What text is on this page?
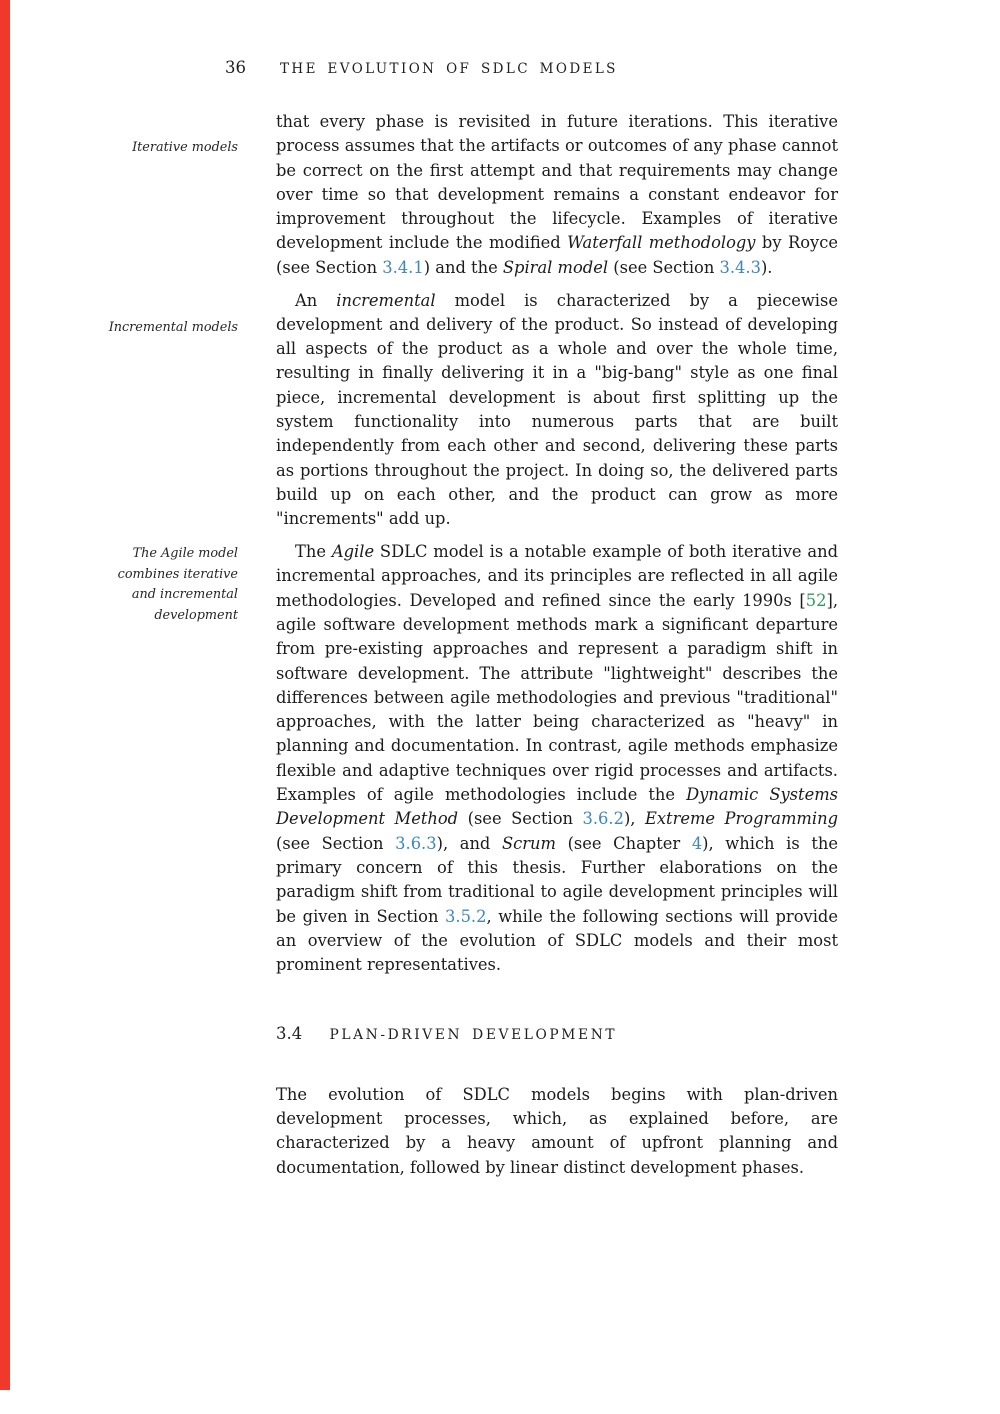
36	THE EVOLUTION OF SDLC MODELS
Iterative models
Incremental models
The Agile model combines iterative and incremental development

that every phase is revisited in future iterations. This iterative process assumes that the artifacts or outcomes of any phase cannot be correct on the first attempt and that requirements may change over time so that development remains a constant endeavor for improvement throughout the lifecycle. Examples of iterative development include the modified Waterfall methodology by Royce (see Section 3.4.1) and the Spiral model (see Section 3.4.3).

An incremental model is characterized by a piecewise development and delivery of the product. So instead of developing all aspects of the product as a whole and over the whole time, resulting in finally delivering it in a "big-bang" style as one final piece, incremental development is about first splitting up the system functionality into numerous parts that are built independently from each other and second, delivering these parts as portions throughout the project. In doing so, the delivered parts build up on each other, and the product can grow as more "increments" add up.

The Agile SDLC model is a notable example of both iterative and incremental approaches, and its principles are reflected in all agile methodologies. Developed and refined since the early 1990s [52], agile software development methods mark a significant departure from pre-existing approaches and represent a paradigm shift in software development. The attribute "lightweight" describes the differences between agile methodologies and previous "traditional" approaches, with the latter being characterized as "heavy" in planning and documentation. In contrast, agile methods emphasize flexible and adaptive techniques over rigid processes and artifacts. Examples of agile methodologies include the Dynamic Systems Development Method (see Section 3.6.2), Extreme Programming (see Section 3.6.3), and Scrum (see Chapter 4), which is the primary concern of this thesis. Further elaborations on the paradigm shift from traditional to agile development principles will be given in Section 3.5.2, while the following sections will provide an overview of the evolution of SDLC models and their most prominent representatives.

3.4 PLAN-DRIVEN DEVELOPMENT

The evolution of SDLC models begins with plan-driven development processes, which, as explained before, are characterized by a heavy amount of upfront planning and documentation, followed by linear distinct development phases.
